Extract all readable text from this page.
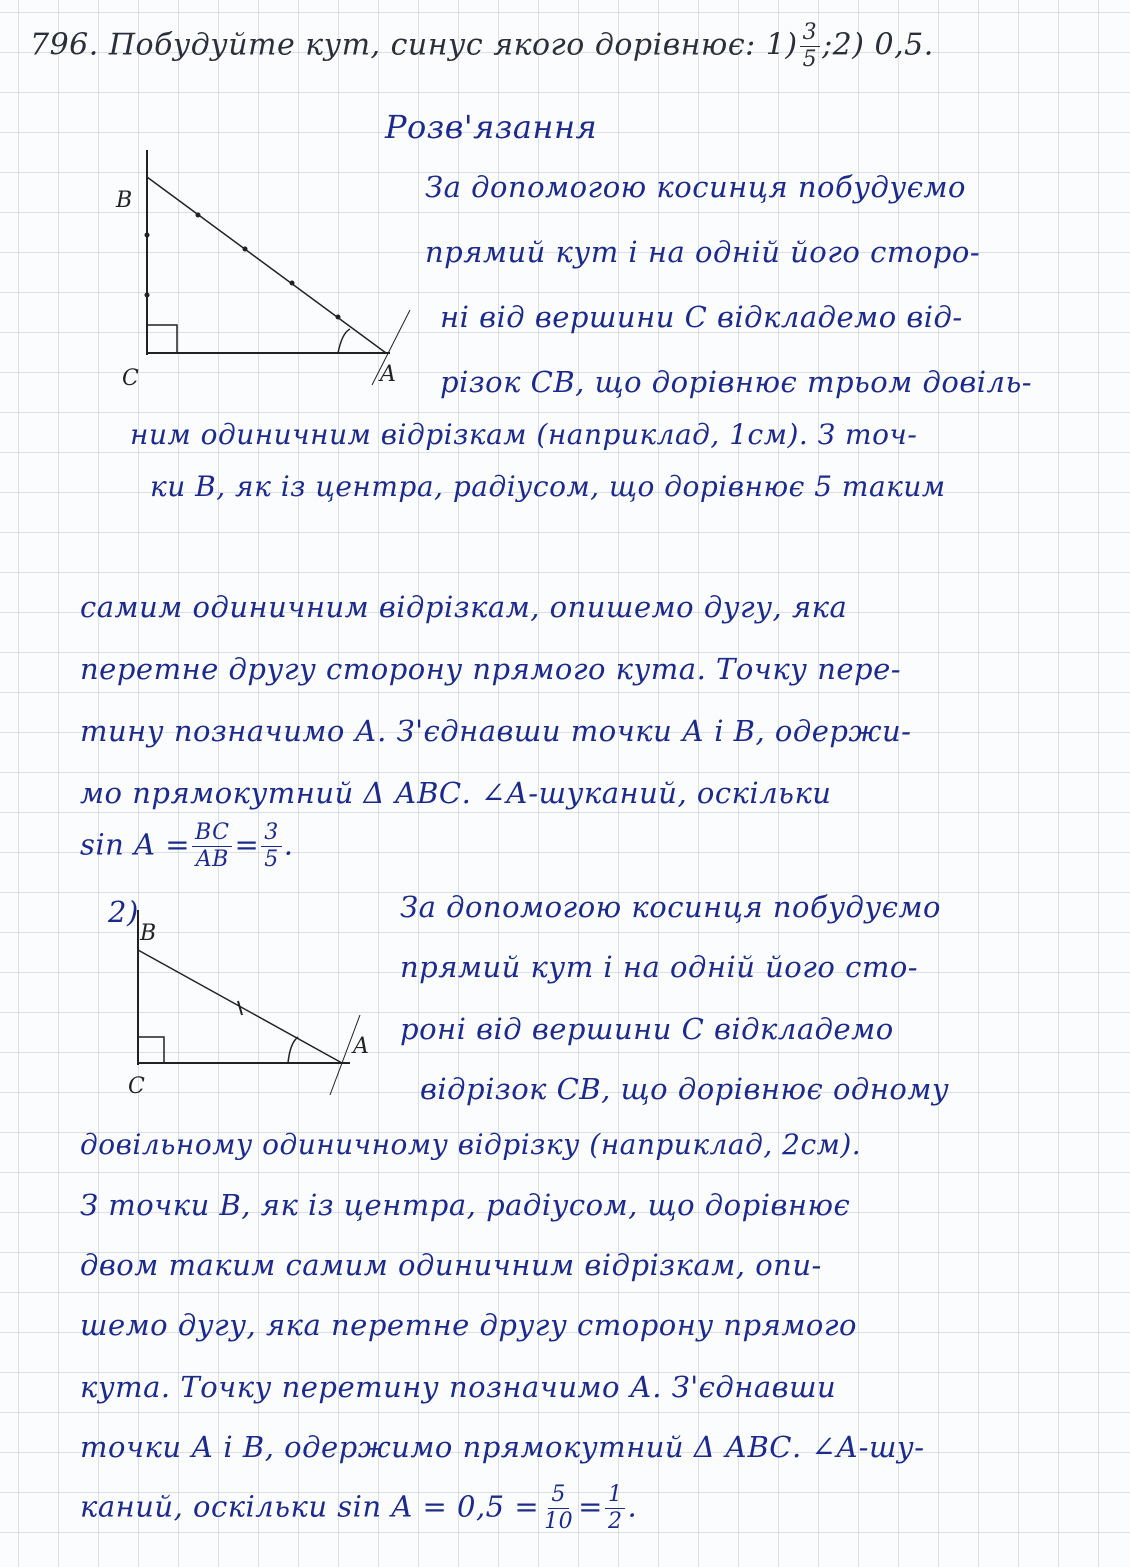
796. Побудуйте кут, синус якого дорівнює: $1) \frac{3}{5}$ ;2) 0,5.
Розв'язання
B
C	A
За допомогою косинця побудуємо
прямий кут і на одній його сторо-
ні від вершини С відкладемо від-
різок СВ, що дорівнює трьом довіль-
ним одиничним відрізкам (наприклад, 1см). З точ-
ки В, як із центра, радіусом, що дорівнює 5 таким
самим одиничним відрізкам, опишемо дугу, яка
перетне другу сторону прямого кута. Точку пере-
тину позначимо А. З'єднавши точки А і В, одержи-
мо прямокутний Δ АВС. ∠А-шуканий, оскільки
$\sin A = \frac{BC}{AB} = \frac{3}{5}$ .
2)
B
C
A
За допомогою косинця побудуємо
прямий кут і на одній його сто-
роні від вершини С відкладемо
відрізок СВ, що дорівнює одному
довільному одиничному відрізку (наприклад, 2см).
З точки В, як із центра, радіусом, що дорівнює
двом таким самим одиничним відрізкам, опи-
шемо дугу, яка перетне другу сторону прямого
кута. Точку перетину позначимо А. З'єднавши
точки А і В, одержимо прямокутний Δ АВС. ∠А-шу-
каний, оскільки $\sin A = 0,5 = \frac{5}{10} = \frac{1}{2}$ .
